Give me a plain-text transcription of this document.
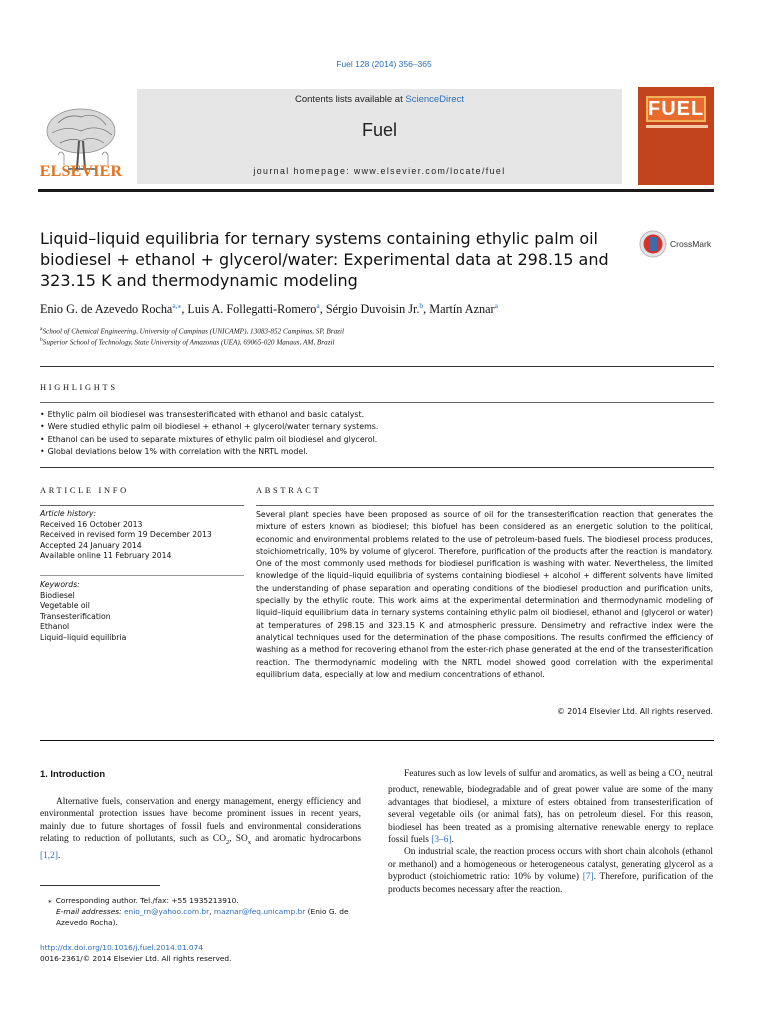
Fuel 128 (2014) 356–365
ELSEVIER
Contents lists available at ScienceDirect
Fuel
journal homepage: www.elsevier.com/locate/fuel
FUEL
Liquid–liquid equilibria for ternary systems containing ethylic palm oil biodiesel + ethanol + glycerol/water: Experimental data at 298.15 and 323.15 K and thermodynamic modeling
CrossMark
Enio G. de Azevedo Rocha$^{a,⁎}$, Luis A. Follegatti-Romero$^a$, Sérgio Duvoisin Jr.$^b$, Martín Aznar$^a$
$^a$School of Chemical Engineering, University of Campinas (UNICAMP), 13083-852 Campinas, SP, Brazil
$^b$Superior School of Technology, State University of Amazonas (UEA), 69065-020 Manaus, AM, Brazil
HIGHLIGHTS
• Ethylic palm oil biodiesel was transesterificated with ethanol and basic catalyst.
• Were studied ethylic palm oil biodiesel + ethanol + glycerol/water ternary systems.
• Ethanol can be used to separate mixtures of ethylic palm oil biodiesel and glycerol.
• Global deviations below 1% with correlation with the NRTL model.
ARTICLE INFO	ABSTRACT
Article history:
Received 16 October 2013
Received in revised form 19 December 2013
Accepted 24 January 2014
Available online 11 February 2014
Keywords:
Biodiesel
Vegetable oil
Transesterification
Ethanol
Liquid–liquid equilibria

Several plant species have been proposed as source of oil for the transesterification reaction that generates the mixture of esters known as biodiesel; this biofuel has been considered as an energetic solution to the political, economic and environmental problems related to the use of petroleum-based fuels. The biodiesel process produces, stoichiometrically, 10% by volume of glycerol. Therefore, purification of the products after the reaction is mandatory. One of the most commonly used methods for biodiesel purification is washing with water. Nevertheless, the limited knowledge of the liquid–liquid equilibria of systems containing biodiesel + alcohol + different solvents have limited the understanding of phase separation and operating conditions of the biodiesel production and purification units, specially by the ethylic route. This work aims at the experimental determination and thermodynamic modeling of liquid–liquid equilibrium data in ternary systems containing ethylic palm oil biodiesel, ethanol and (glycerol or water) at temperatures of 298.15 and 323.15 K and atmospheric pressure. Densimetry and refractive index were the analytical techniques used for the determination of the phase compositions. The results confirmed the efficiency of washing as a method for recovering ethanol from the ester-rich phase generated at the end of the transesterification reaction. The thermodynamic modeling with the NRTL model showed good correlation with the experimental equilibrium data, especially at low and medium concentrations of ethanol.

© 2014 Elsevier Ltd. All rights reserved.
1. Introduction

Alternative fuels, conservation and energy management, energy efficiency and environmental protection issues have become prominent issues in recent years, mainly due to future shortages of fossil fuels and environmental considerations relating to reduction of pollutants, such as $CO_2$, $SO_x$ and aromatic hydrocarbons [1,2].

⁎ Corresponding author. Tel./fax: +55 1935213910.
E-mail addresses: enio_rn@yahoo.com.br, maznar@feq.unicamp.br (Enio G. de Azevedo Rocha).
http://dx.doi.org/10.1016/j.fuel.2014.01.074
0016-2361/© 2014 Elsevier Ltd. All rights reserved.

Features such as low levels of sulfur and aromatics, as well as being a $CO_2$ neutral product, renewable, biodegradable and of great power value are some of the many advantages that biodiesel, a mixture of esters obtained from transesterification of several vegetable oils (or animal fats), has on petroleum diesel. For this reason, biodiesel has been treated as a promising alternative renewable energy to replace fossil fuels [3–6].

On industrial scale, the reaction process occurs with short chain alcohols (ethanol or methanol) and a homogeneous or heterogeneous catalyst, generating glycerol as a byproduct (stoichiometric ratio: 10% by volume) [7]. Therefore, purification of the products becomes necessary after the reaction.
